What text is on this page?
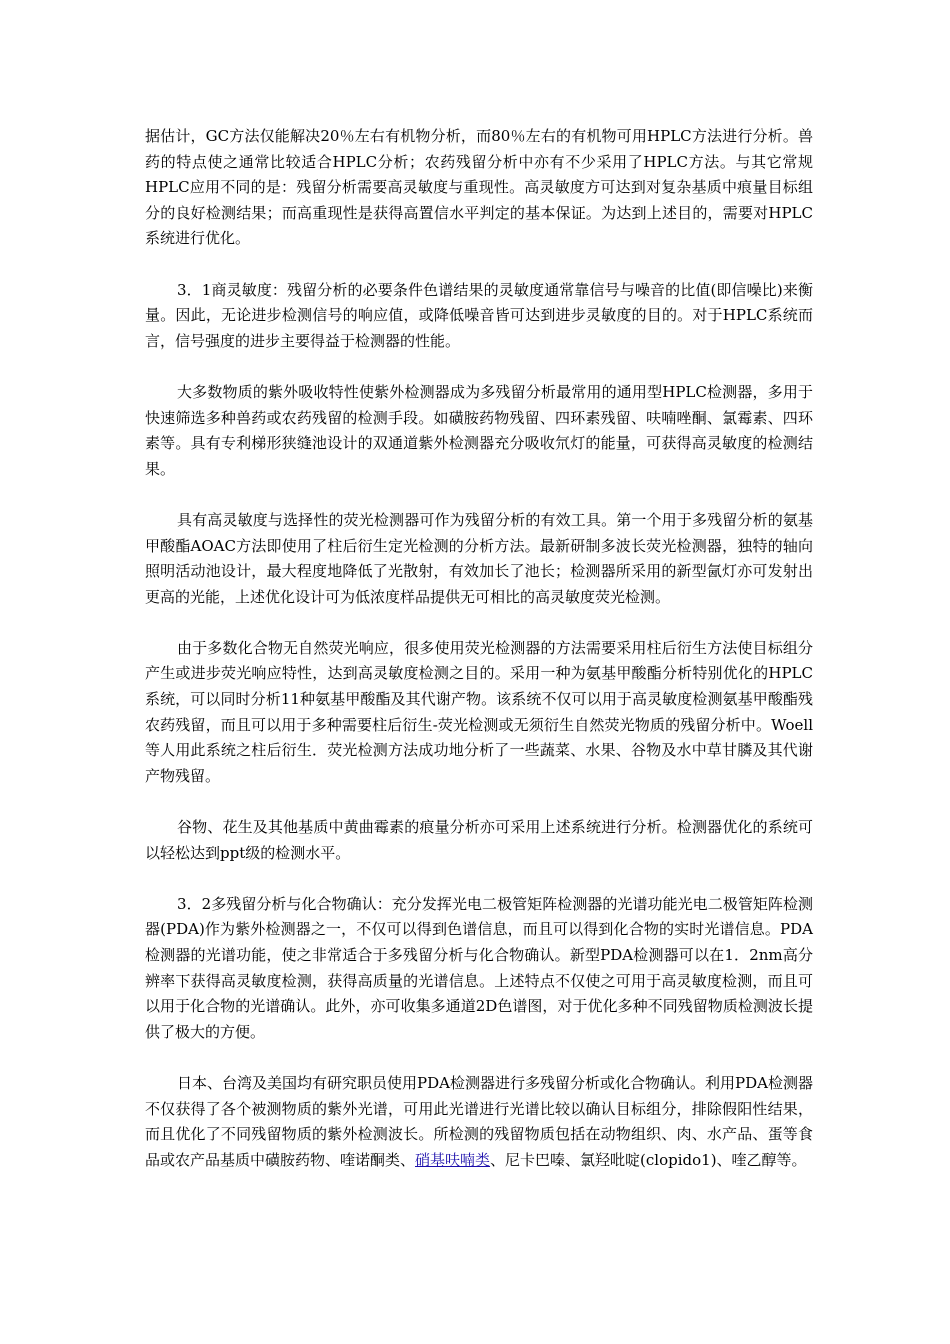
据估计，GC方法仅能解决20％左右有机物分析，而80％左右的有机物可用HPLC方法进行分析。兽药的特点使之通常比较适合HPLC分析；农药残留分析中亦有不少采用了HPLC方法。与其它常规HPLC应用不同的是：残留分析需要高灵敏度与重现性。高灵敏度方可达到对复杂基质中痕量目标组分的良好检测结果；而高重现性是获得高置信水平判定的基本保证。为达到上述目的，需要对HPLC系统进行优化。

3．1商灵敏度：残留分析的必要条件色谱结果的灵敏度通常靠信号与噪音的比值(即信噪比)来衡量。因此，无论进步检测信号的响应值，或降低噪音皆可达到进步灵敏度的目的。对于HPLC系统而言，信号强度的进步主要得益于检测器的性能。

大多数物质的紫外吸收特性使紫外检测器成为多残留分析最常用的通用型HPLC检测器，多用于快速筛选多种兽药或农药残留的检测手段。如磺胺药物残留、四环素残留、呋喃唑酮、氯霉素、四环素等。具有专利梯形狭缝池设计的双通道紫外检测器充分吸收氘灯的能量，可获得高灵敏度的检测结果。

具有高灵敏度与选择性的荧光检测器可作为残留分析的有效工具。第一个用于多残留分析的氨基甲酸酯AOAC方法即使用了柱后衍生定光检测的分析方法。最新研制多波长荧光检测器，独特的轴向照明活动池设计，最大程度地降低了光散射，有效加长了池长；检测器所采用的新型氤灯亦可发射出更高的光能，上述优化设计可为低浓度样品提供无可相比的高灵敏度荧光检测。

由于多数化合物无自然荧光响应，很多使用荧光检测器的方法需要采用柱后衍生方法使目标组分产生或进步荧光响应特性，达到高灵敏度检测之目的。采用一种为氨基甲酸酯分析特别优化的HPLC系统，可以同时分析11种氨基甲酸酯及其代谢产物。该系统不仅可以用于高灵敏度检测氨基甲酸酯残农药残留，而且可以用于多种需要柱后衍生-荧光检测或无须衍生自然荧光物质的残留分析中。Woell等人用此系统之柱后衍生．荧光检测方法成功地分析了一些蔬菜、水果、谷物及水中草甘膦及其代谢产物残留。

谷物、花生及其他基质中黄曲霉素的痕量分析亦可采用上述系统进行分析。检测器优化的系统可以轻松达到ppt级的检测水平。

3．2多残留分析与化合物确认：充分发挥光电二极管矩阵检测器的光谱功能光电二极管矩阵检测器(PDA)作为紫外检测器之一，不仅可以得到色谱信息，而且可以得到化合物的实时光谱信息。PDA检测器的光谱功能，使之非常适合于多残留分析与化合物确认。新型PDA检测器可以在1．2nm高分辨率下获得高灵敏度检测，获得高质量的光谱信息。上述特点不仅使之可用于高灵敏度检测，而且可以用于化合物的光谱确认。此外，亦可收集多通道2D色谱图，对于优化多种不同残留物质检测波长提供了极大的方便。

日本、台湾及美国均有研究职员使用PDA检测器进行多残留分析或化合物确认。利用PDA检测器不仅获得了各个被测物质的紫外光谱，可用此光谱进行光谱比较以确认目标组分，排除假阳性结果，而且优化了不同残留物质的紫外检测波长。所检测的残留物质包括在动物组织、肉、水产品、蛋等食品或农产品基质中磺胺药物、喹诺酮类、硝基呋喃类、尼卡巴嗪、氯羟吡啶(clopido1)、喹乙醇等。
